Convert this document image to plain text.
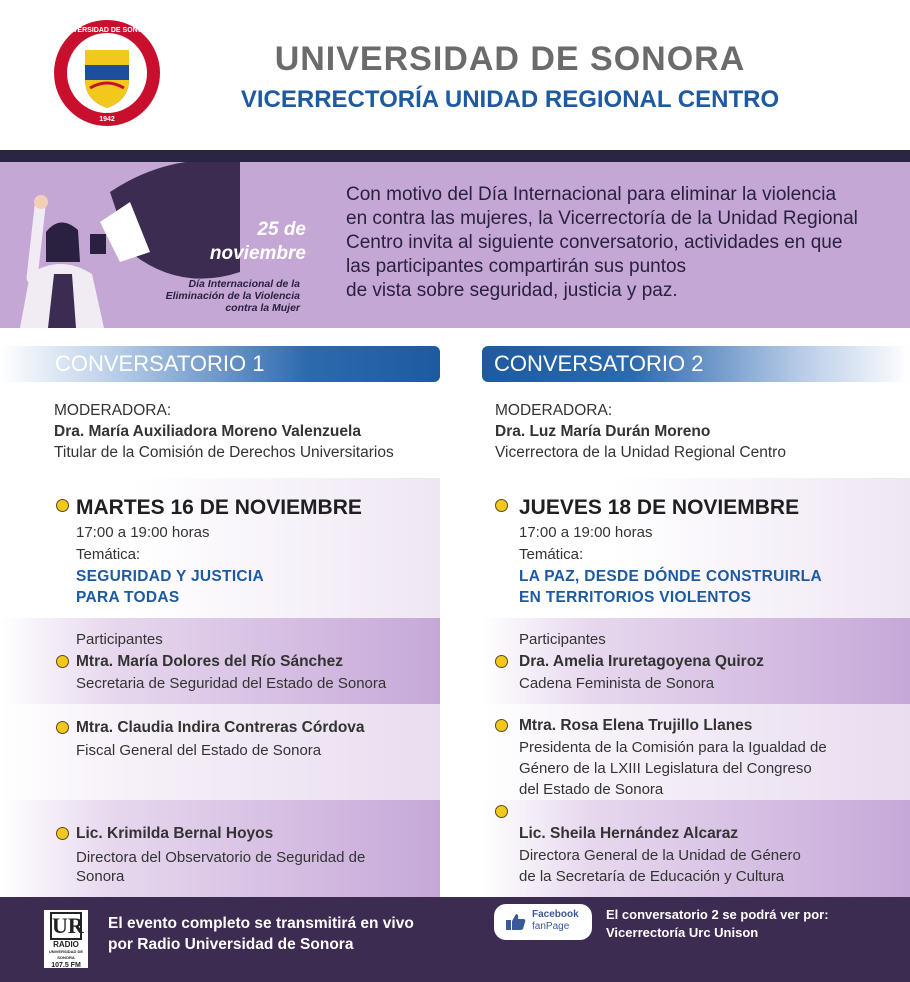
UNIVERSIDAD DE SONORA
1942
UNIVERSIDAD DE SONORA
VICERRECTORÍA UNIDAD REGIONAL CENTRO
25 de
noviembre
Día Internacional de la
Eliminación de la Violencia
contra la Mujer
Con motivo del Día Internacional para eliminar la violencia
en contra las mujeres, la Vicerrectoría de la Unidad Regional
Centro invita al siguiente conversatorio, actividades en que
las participantes compartirán sus puntos
de vista sobre seguridad, justicia y paz.
CONVERSATORIO 1	CONVERSATORIO 2
MODERADORA:
Dra. María Auxiliadora Moreno Valenzuela
Titular de la Comisión de Derechos Universitarios
MODERADORA:
Dra. Luz María Durán Moreno
Vicerrectora de la Unidad Regional Centro
MARTES 16 DE NOVIEMBRE
17:00 a 19:00 horas
Temática:
SEGURIDAD Y JUSTICIA
PARA TODAS
Participantes
Mtra. María Dolores del Río Sánchez
Secretaria de Seguridad del Estado de Sonora
Mtra. Claudia Indira Contreras Córdova
Fiscal General del Estado de Sonora
Lic. Krimilda Bernal Hoyos
Directora del Observatorio de Seguridad de
Sonora
JUEVES 18 DE NOVIEMBRE
17:00 a 19:00 horas
Temática:
LA PAZ, DESDE DÓNDE CONSTRUIRLA
EN TERRITORIOS VIOLENTOS
Participantes
Dra. Amelia Iruretagoyena Quiroz
Cadena Feminista de Sonora
Mtra. Rosa Elena Trujillo Llanes
Presidenta de la Comisión para la Igualdad de
Género de la LXIII Legislatura del Congreso
del Estado de Sonora
Lic. Sheila Hernández Alcaraz
Directora General de la Unidad de Género
de la Secretaría de Educación y Cultura
UR
RADIO
UNIVERSIDAD DE SONORA
107.5 FM
El evento completo se transmitirá en vivo
por Radio Universidad de Sonora
Facebook
fanPage
El conversatorio 2 se podrá ver por:
Vicerrectoría Urc Unison
